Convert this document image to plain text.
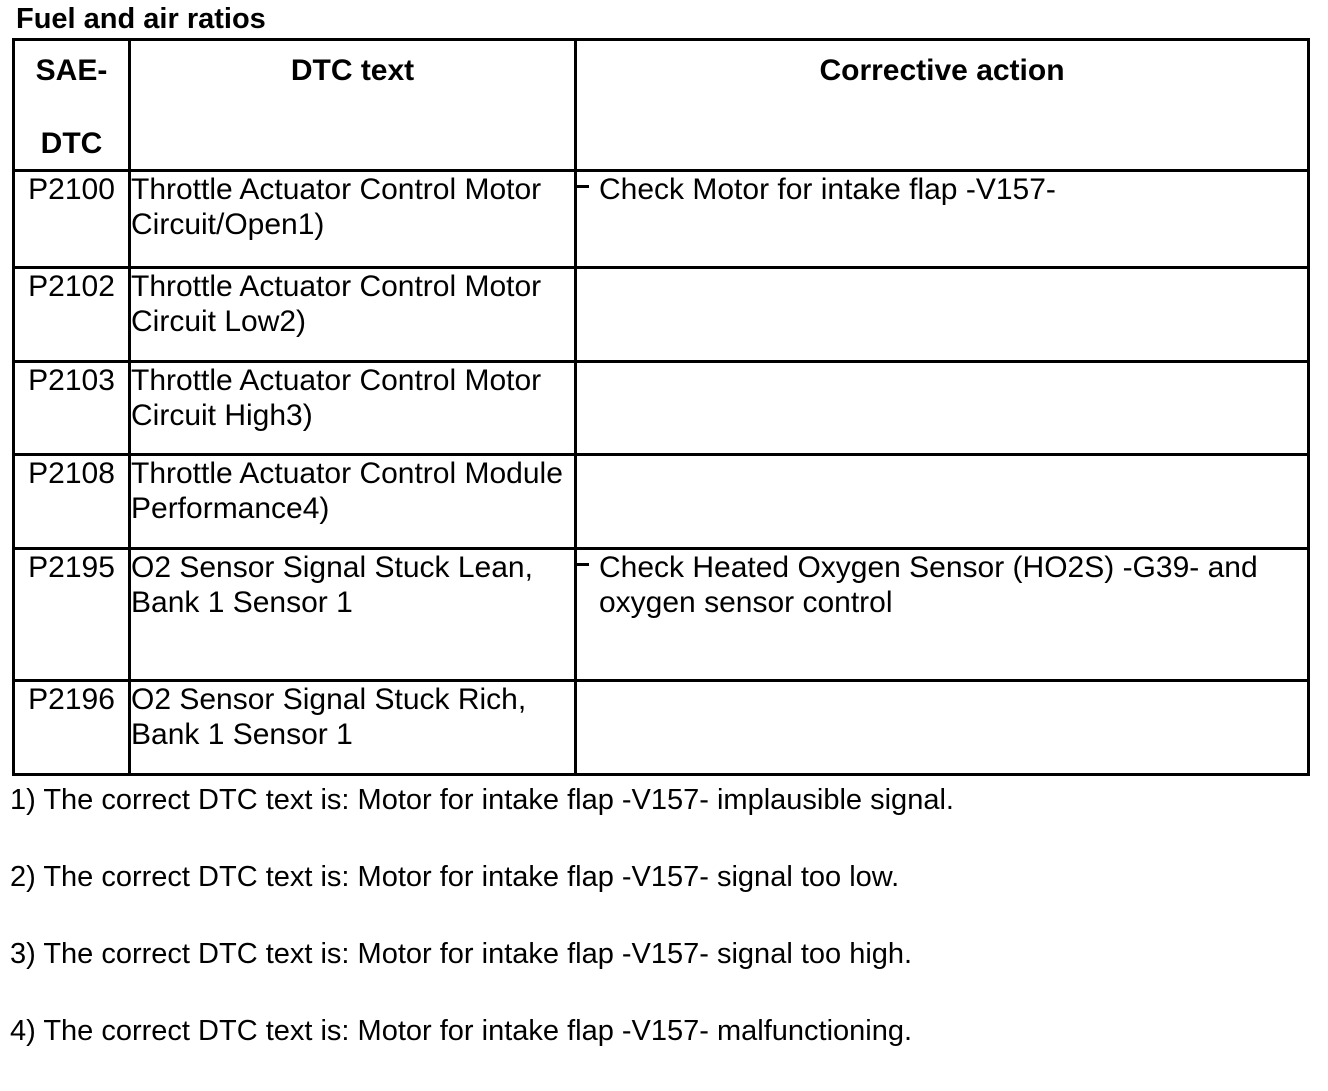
Fuel and air ratios
SAE-
DTC	DTC text	Corrective action
P2100	Throttle Actuator Control Motor Circuit/Open1)	Check Motor for intake flap -V157-

P2102	Throttle Actuator Control Motor Circuit Low2)	
P2103	Throttle Actuator Control Motor Circuit High3)	
P2108	Throttle Actuator Control Module Performance4)	
P2195	O2 Sensor Signal Stuck Lean, Bank 1 Sensor 1	Check Heated Oxygen Sensor (HO2S) -G39- and oxygen sensor control

P2196	O2 Sensor Signal Stuck Rich, Bank 1 Sensor 1	

1) The correct DTC text is: Motor for intake flap -V157- implausible signal.

2) The correct DTC text is: Motor for intake flap -V157- signal too low.

3) The correct DTC text is: Motor for intake flap -V157- signal too high.

4) The correct DTC text is: Motor for intake flap -V157- malfunctioning.
